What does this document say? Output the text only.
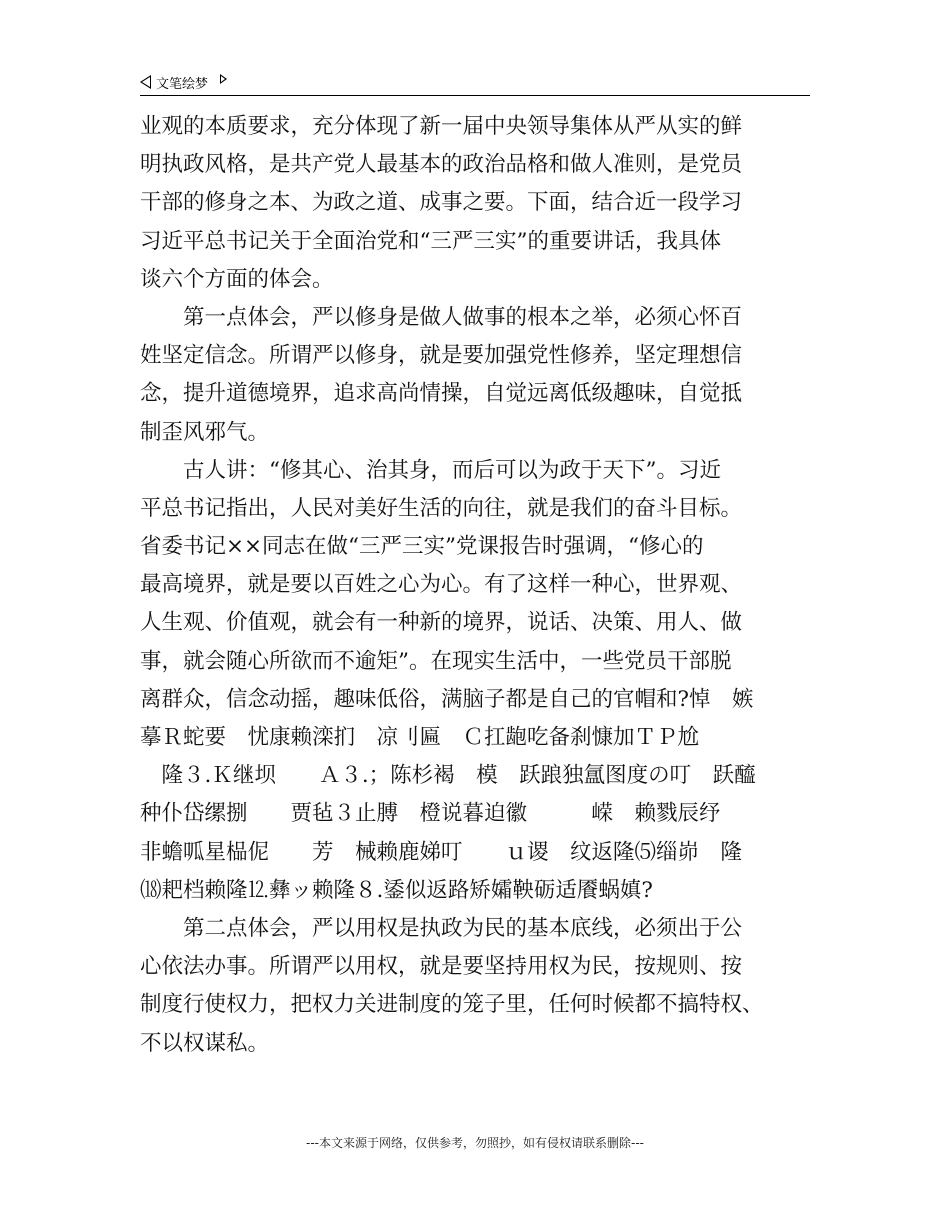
文笔绘梦
业观的本质要求，充分体现了新一届中央领导集体从严从实的鲜
明执政风格，是共产党人最基本的政治品格和做人准则，是党员
干部的修身之本、为政之道、成事之要。下面，结合近一段学习
习近平总书记关于全面治党和“三严三实”的重要讲话，我具体
谈六个方面的体会。
　　第一点体会，严以修身是做人做事的根本之举，必须心怀百
姓坚定信念。所谓严以修身，就是要加强党性修养，坚定理想信
念，提升道德境界，追求高尚情操，自觉远离低级趣味，自觉抵
制歪风邪气。
　　古人讲：“修其心、治其身，而后可以为政于天下”。习近
平总书记指出，人民对美好生活的向往，就是我们的奋斗目标。
省委书记××同志在做“三严三实”党课报告时强调，“修心的
最高境界，就是要以百姓之心为心。有了这样一种心，世界观、
人生观、价值观，就会有一种新的境界，说话、决策、用人、做
事，就会随心所欲而不逾矩”。在现实生活中，一些党员干部脱
离群众，信念动摇，趣味低俗，满脑子都是自己的官帽和?悼　嫉
摹Ｒ蛇要　忧康赖滦扪　凉刂匾　Ｃ扛龅吃备刹慷加ＴＰ尬
　隆３.Ｋ继坝　　Ａ３.；陈杉褐　模　跃踉独氲图度の叮　跃醯
种仆岱缧捌　　贾毡３止膊　橙说暮迫徽　　　嵘　赖戮辰纾
非蟾呱星榀伲　　芳　械赖鹿娣叮　　ｕ谡　纹返隆⑸缁峁　隆
⒅耙档赖隆⒓彝ッ赖隆８.鋈似返路矫孀鞅砺适餍蜗嫃?
　　第二点体会，严以用权是执政为民的基本底线，必须出于公
心依法办事。所谓严以用权，就是要坚持用权为民，按规则、按
制度行使权力，把权力关进制度的笼子里，任何时候都不搞特权、
不以权谋私。
---本文来源于网络，仅供参考，勿照抄，如有侵权请联系删除---
